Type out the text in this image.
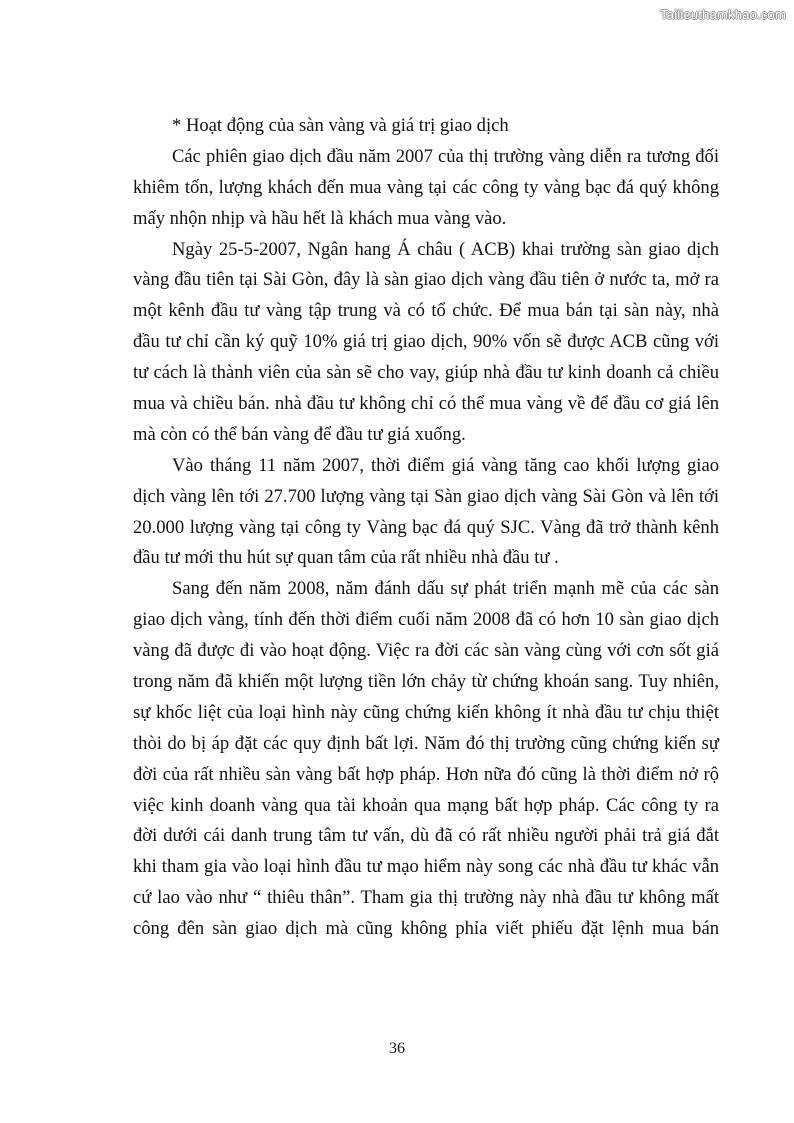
Tailieuthamkhao.com
* Hoạt động của sàn vàng và giá trị giao dịch
Các phiên giao dịch đầu năm 2007 của thị trường vàng diễn ra tương đối
khiêm tốn, lượng khách đến mua vàng tại các công ty vàng bạc đá quý không
mấy nhộn nhịp và hầu hết là khách mua vàng vào.
Ngày 25-5-2007, Ngân hang Á châu ( ACB) khai trường sàn giao dịch
vàng đầu tiên tại Sài Gòn, đây là sàn giao dịch vàng đầu tiên ở nước ta, mở ra
một kênh đầu tư vàng tập trung và có tổ chức. Để mua bán tại sàn này, nhà
đầu tư chỉ cần ký quỹ 10% giá trị giao dịch, 90% vốn sẽ được ACB cũng với
tư cách là thành viên của sàn sẽ cho vay, giúp nhà đầu tư kinh doanh cả chiều
mua và chiều bán. nhà đầu tư không chỉ có thể mua vàng về để đầu cơ giá lên
mà còn có thể bán vàng để đầu tư giá xuống.
Vào tháng 11 năm 2007, thời điểm giá vàng tăng cao khối lượng giao
dịch vàng lên tới 27.700 lượng vàng tại Sàn giao dịch vàng Sài Gòn và lên tới
20.000 lượng vàng tại công ty Vàng bạc đá quý SJC. Vàng đã trở thành kênh
đầu tư mới thu hút sự quan tâm của rất nhiều nhà đầu tư .
Sang đến năm 2008, năm đánh dấu sự phát triển mạnh mẽ của các sàn
giao dịch vàng, tính đến thời điểm cuối năm 2008 đã có hơn 10 sàn giao dịch
vàng đã được đi vào hoạt động. Việc ra đời các sàn vàng cùng với cơn sốt giá
trong năm đã khiến một lượng tiền lớn chảy từ chứng khoán sang. Tuy nhiên,
sự khốc liệt của loại hình này cũng chứng kiến không ít nhà đầu tư chịu thiệt
thòi do bị áp đặt các quy định bất lợi. Năm đó thị trường cũng chứng kiến sự
đời của rất nhiều sàn vàng bất hợp pháp. Hơn nữa đó cũng là thời điểm nở rộ
việc kinh doanh vàng qua tài khoản qua mạng bất hợp pháp. Các công ty ra
đời dưới cái danh trung tâm tư vấn, dù đã có rất nhiều người phải trả giá đắt
khi tham gia vào loại hình đầu tư mạo hiểm này song các nhà đầu tư khác vẫn
cứ lao vào như “ thiêu thân”. Tham gia thị trường này nhà đầu tư không mất
công đên sàn giao dịch mà cũng không phỉa viết phiếu đặt lệnh mua bán
36
